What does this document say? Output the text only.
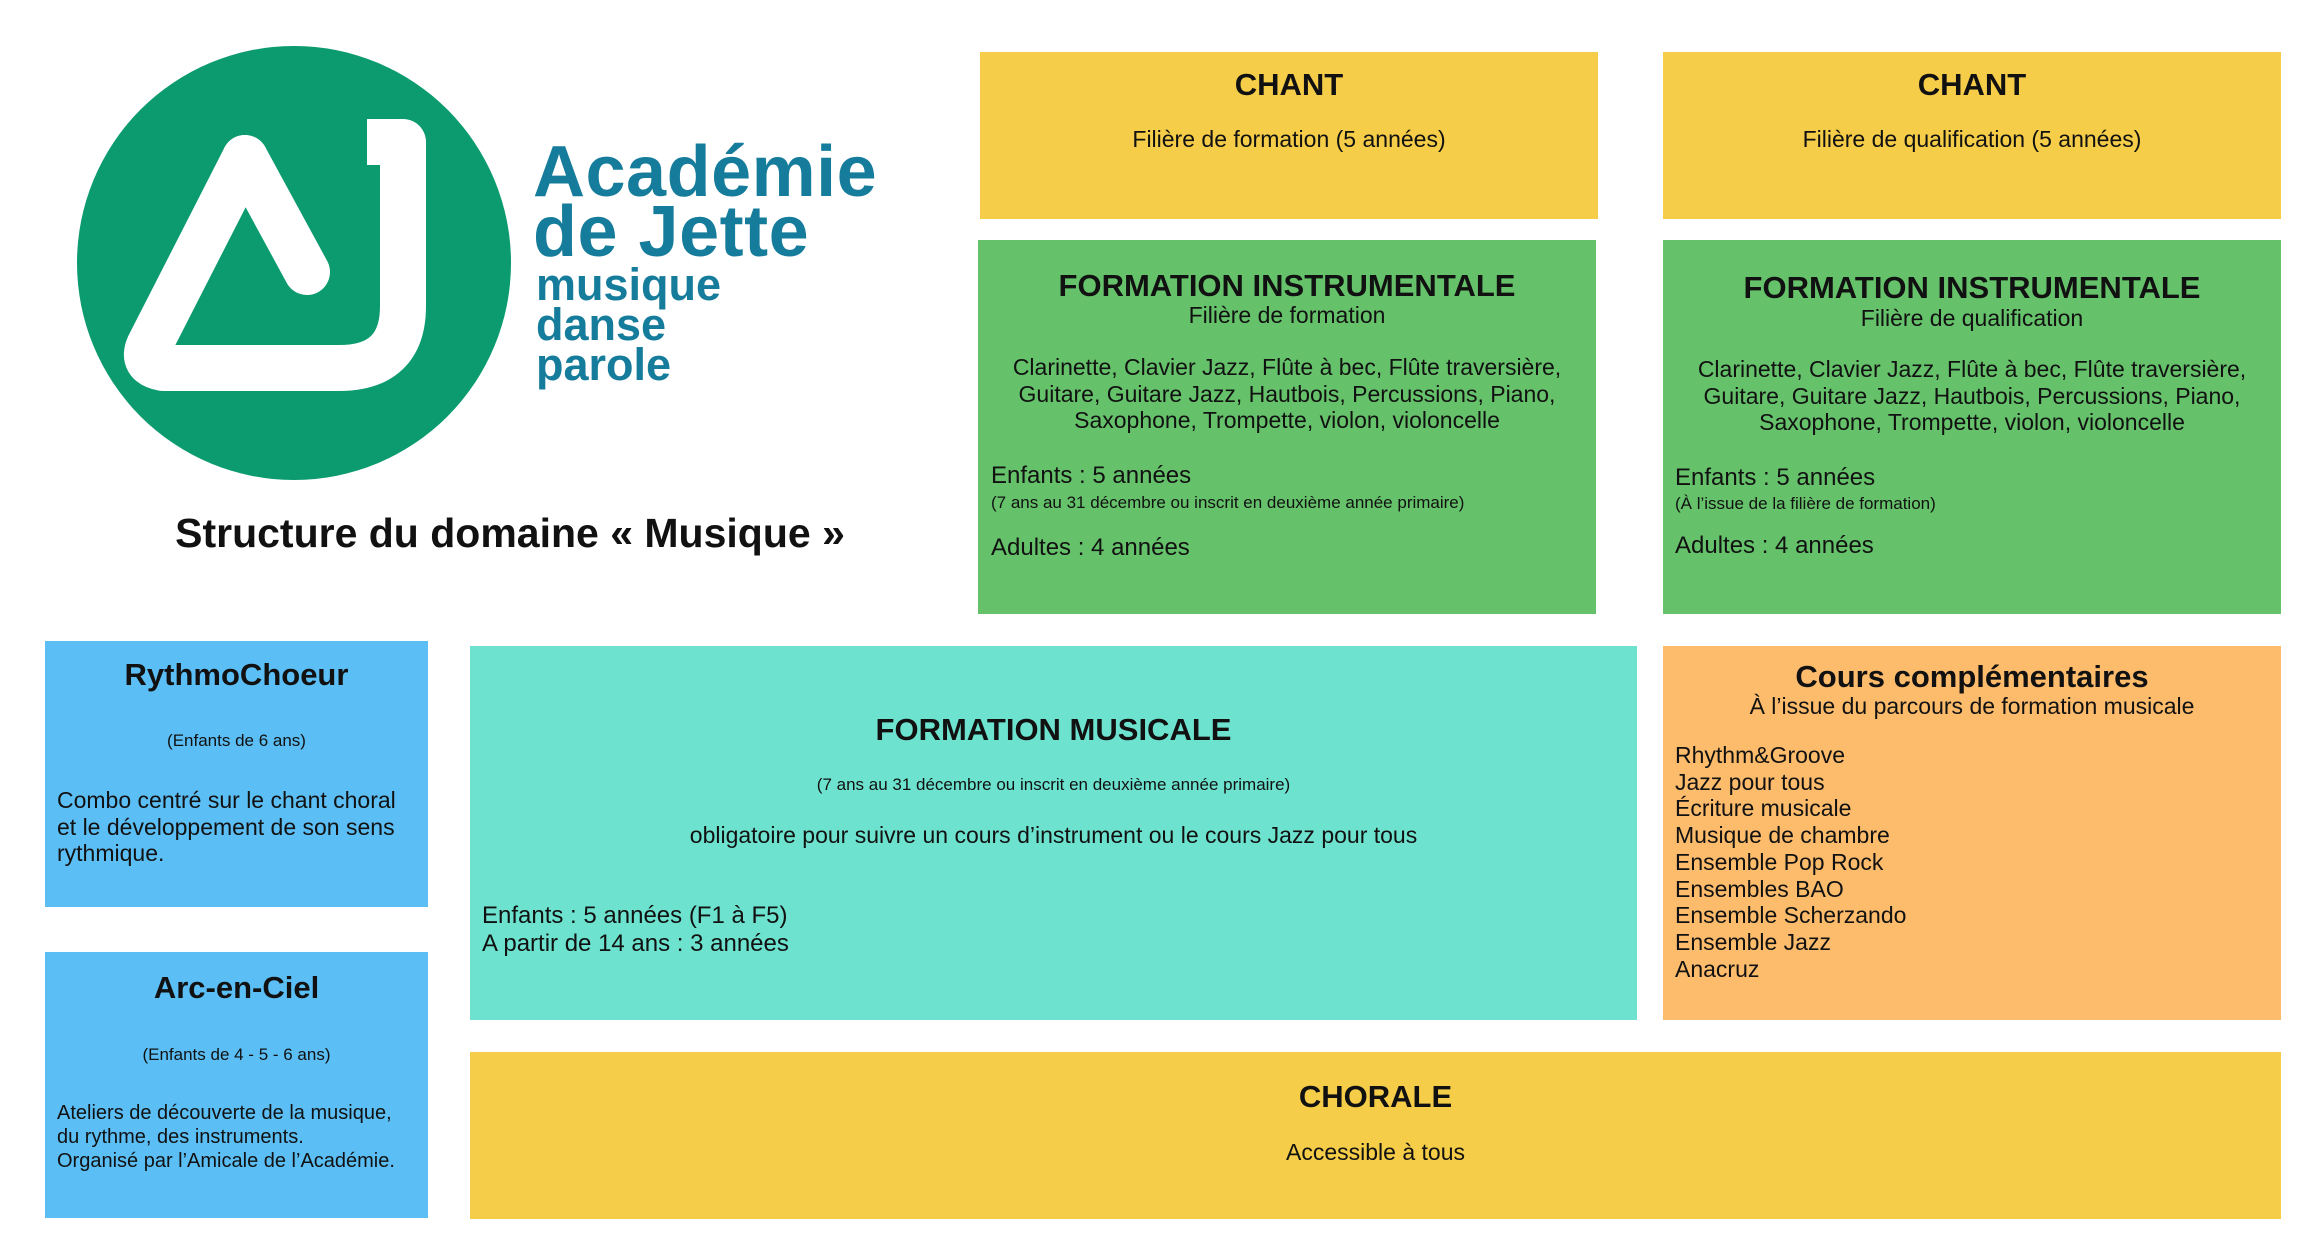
Académie
de Jette
musique
danse
parole
Structure du domaine « Musique »
CHANT
Filière de formation (5 années)
CHANT
Filière de qualification (5 années)
FORMATION INSTRUMENTALE
Filière de formation
Clarinette, Clavier Jazz, Flûte à bec, Flûte traversière,
Guitare, Guitare Jazz, Hautbois, Percussions, Piano,
Saxophone, Trompette, violon, violoncelle
Enfants : 5 années
(7 ans au 31 décembre ou inscrit en deuxième année primaire)
Adultes : 4 années
FORMATION INSTRUMENTALE
Filière de qualification
Clarinette, Clavier Jazz, Flûte à bec, Flûte traversière,
Guitare, Guitare Jazz, Hautbois, Percussions, Piano,
Saxophone, Trompette, violon, violoncelle
Enfants : 5 années
(À l’issue de la filière de formation)
Adultes : 4 années
RythmoChoeur
(Enfants de 6 ans)
Combo centré sur le chant choral
et le développement de son sens
rythmique.
Arc-en-Ciel
(Enfants de 4 - 5 - 6 ans)
Ateliers de découverte de la musique,
du rythme, des instruments.
Organisé par l’Amicale de l’Académie.
FORMATION MUSICALE
(7 ans au 31 décembre ou inscrit en deuxième année primaire)
obligatoire pour suivre un cours d’instrument ou le cours Jazz pour tous
Enfants : 5 années (F1 à F5)
A partir de 14 ans : 3 années
Cours complémentaires
À l’issue du parcours de formation musicale
Rhythm&Groove
Jazz pour tous
Écriture musicale
Musique de chambre
Ensemble Pop Rock
Ensembles BAO
Ensemble Scherzando
Ensemble Jazz
Anacruz
CHORALE
Accessible à tous
